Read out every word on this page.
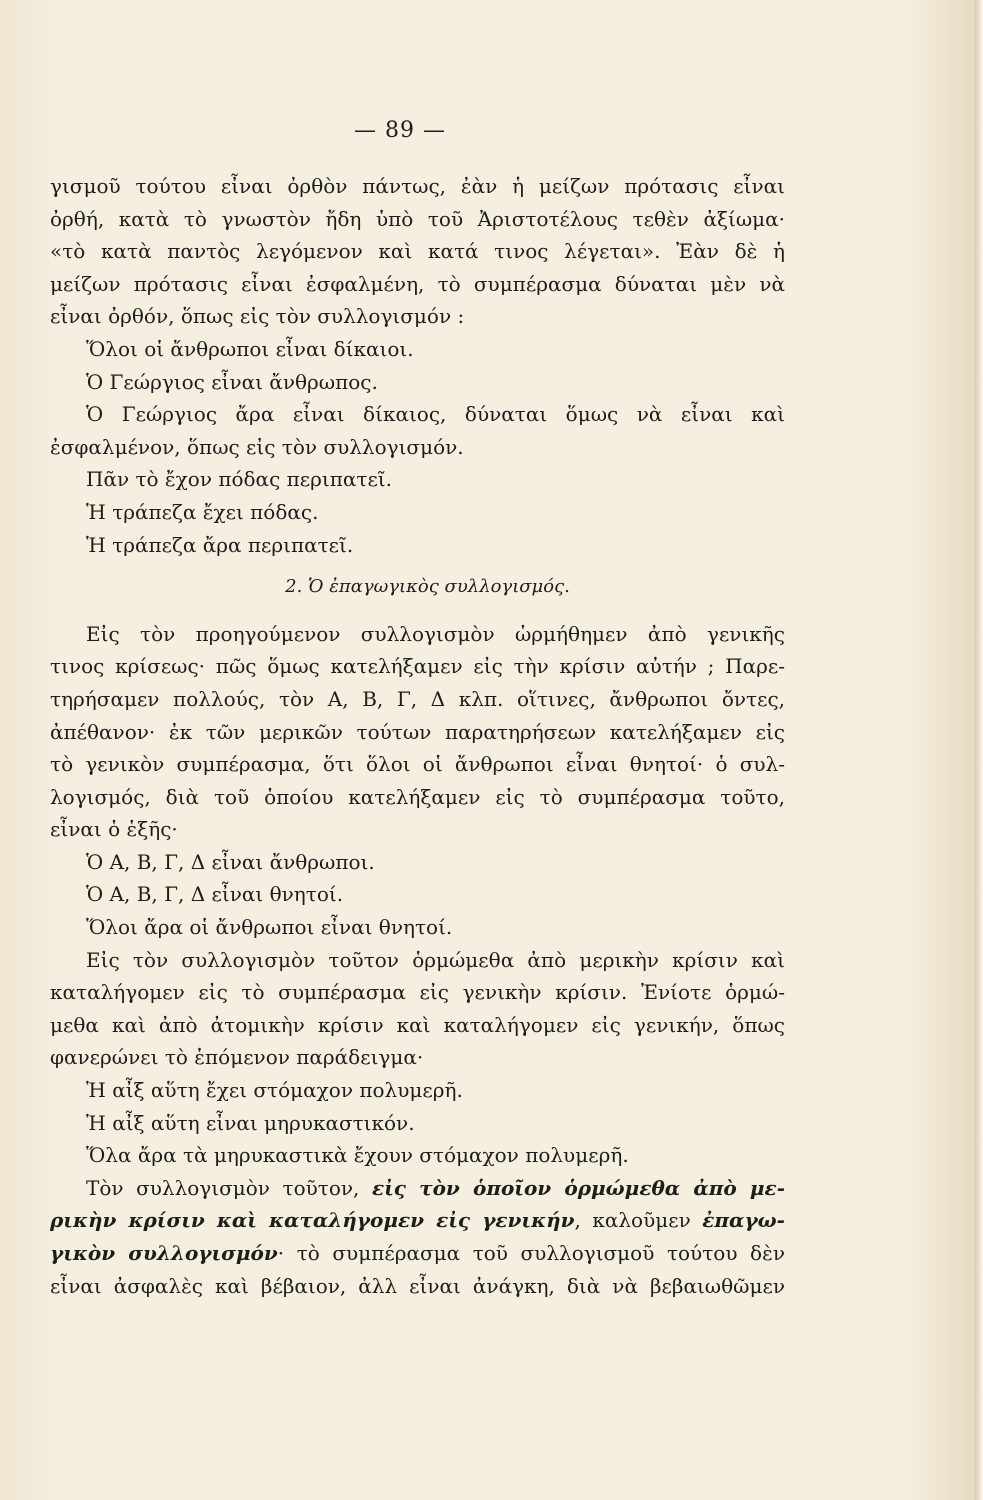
— 89 —
γισμοῦ τούτου εἶναι ὀρθὸν πάντως, ἐὰν ἡ μείζων πρότασις εἶναι
ὀρθή, κατὰ τὸ γνωστὸν ἤδη ὑπὸ τοῦ Ἀριστοτέλους τεθὲν ἀξίωμα·
«τὸ κατὰ παντὸς λεγόμενον καὶ κατά τινος λέγεται». Ἐὰν δὲ ἡ
μείζων πρότασις εἶναι ἐσφαλμένη, τὸ συμπέρασμα δύναται μὲν νὰ
εἶναι ὀρθόν, ὅπως εἰς τὸν συλλογισμόν :
Ὅλοι οἱ ἄνθρωποι εἶναι δίκαιοι.
Ὁ Γεώργιος εἶναι ἄνθρωπος.
Ὁ Γεώργιος ἄρα εἶναι δίκαιος, δύναται ὅμως νὰ εἶναι καὶ
ἐσφαλμένον, ὅπως εἰς τὸν συλλογισμόν.
Πᾶν τὸ ἔχον πόδας περιπατεῖ.
Ἡ τράπεζα ἔχει πόδας.
Ἡ τράπεζα ἄρα περιπατεῖ.
2. Ὁ ἐπαγωγικὸς συλλογισμός.
Εἰς τὸν προηγούμενον συλλογισμὸν ὡρμήθημεν ἀπὸ γενικῆς
τινος κρίσεως· πῶς ὅμως κατελήξαμεν εἰς τὴν κρίσιν αὐτήν ; Παρε-
τηρήσαμεν πολλούς, τὸν Α, Β, Γ, Δ κλπ. οἵτινες, ἄνθρωποι ὄντες,
ἀπέθανον· ἐκ τῶν μερικῶν τούτων παρατηρήσεων κατελήξαμεν εἰς
τὸ γενικὸν συμπέρασμα, ὅτι ὅλοι οἱ ἄνθρωποι εἶναι θνητοί· ὁ συλ-
λογισμός, διὰ τοῦ ὁποίου κατελήξαμεν εἰς τὸ συμπέρασμα τοῦτο,
εἶναι ὁ ἑξῆς·
Ὁ Α, Β, Γ, Δ εἶναι ἄνθρωποι.
Ὁ Α, Β, Γ, Δ εἶναι θνητοί.
Ὅλοι ἄρα οἱ ἄνθρωποι εἶναι θνητοί.
Εἰς τὸν συλλογισμὸν τοῦτον ὁρμώμεθα ἀπὸ μερικὴν κρίσιν καὶ
καταλήγομεν εἰς τὸ συμπέρασμα εἰς γενικὴν κρίσιν. Ἐνίοτε ὁρμώ-
μεθα καὶ ἀπὸ ἀτομικὴν κρίσιν καὶ καταλήγομεν εἰς γενικήν, ὅπως
φανερώνει τὸ ἑπόμενον παράδειγμα·
Ἡ αἶξ αὕτη ἔχει στόμαχον πολυμερῆ.
Ἡ αἶξ αὕτη εἶναι μηρυκαστικόν.
Ὅλα ἄρα τὰ μηρυκαστικὰ ἔχουν στόμαχον πολυμερῆ.
Τὸν συλλογισμὸν τοῦτον, εἰς τὸν ὁποῖον ὁρμώμεθα ἀπὸ με-
ρικὴν κρίσιν καὶ καταλήγομεν εἰς γενικήν, καλοῦμεν ἐπαγω-
γικὸν συλλογισμόν· τὸ συμπέρασμα τοῦ συλλογισμοῦ τούτου δὲν
εἶναι ἀσφαλὲς καὶ βέβαιον, ἀλλ εἶναι ἀνάγκη, διὰ νὰ βεβαιωθῶμεν
